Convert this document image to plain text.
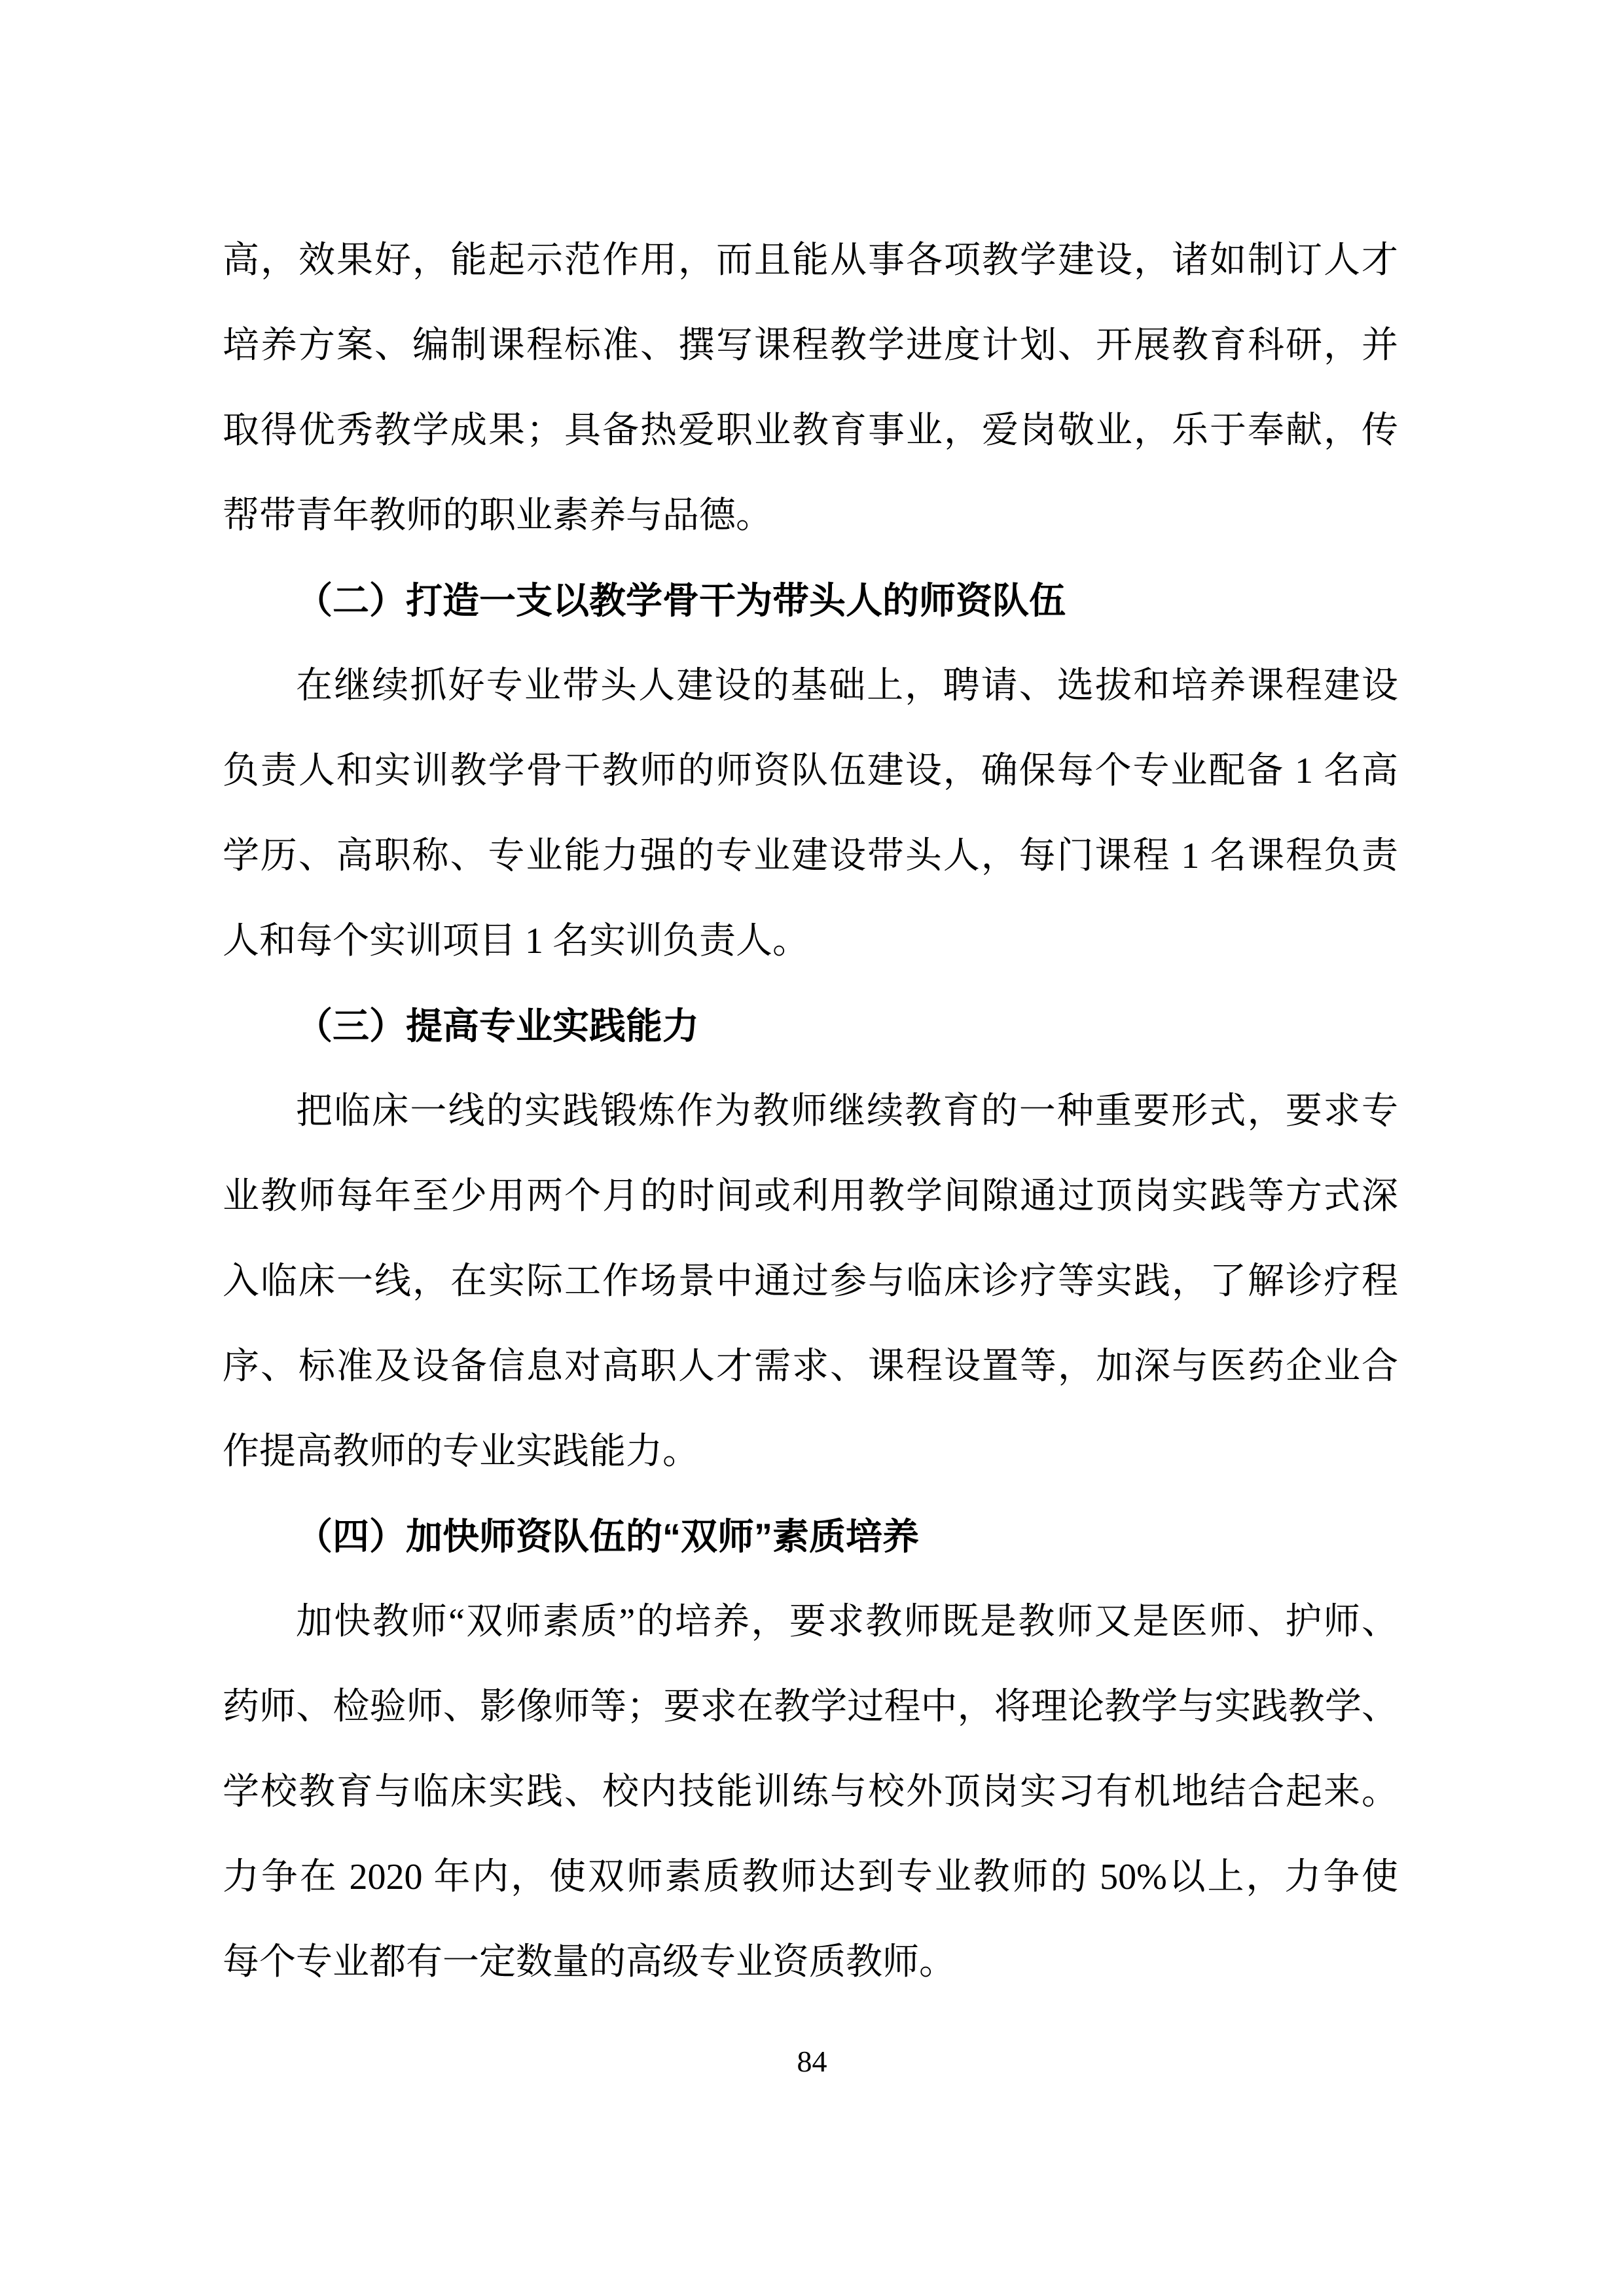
高，效果好，能起示范作用，而且能从事各项教学建设，诸如制订人才
培养方案、编制课程标准、撰写课程教学进度计划、开展教育科研，并
取得优秀教学成果；具备热爱职业教育事业，爱岗敬业，乐于奉献，传
帮带青年教师的职业素养与品德。
（二）打造一支以教学骨干为带头人的师资队伍
在继续抓好专业带头人建设的基础上，聘请、选拔和培养课程建设
负责人和实训教学骨干教师的师资队伍建设，确保每个专业配备 1 名高
学历、高职称、专业能力强的专业建设带头人，每门课程 1 名课程负责
人和每个实训项目 1 名实训负责人。
（三）提高专业实践能力
把临床一线的实践锻炼作为教师继续教育的一种重要形式，要求专
业教师每年至少用两个月的时间或利用教学间隙通过顶岗实践等方式深
入临床一线，在实际工作场景中通过参与临床诊疗等实践，了解诊疗程
序、标准及设备信息对高职人才需求、课程设置等，加深与医药企业合
作提高教师的专业实践能力。
（四）加快师资队伍的“双师”素质培养
加快教师“双师素质”的培养，要求教师既是教师又是医师、护师、
药师、检验师、影像师等；要求在教学过程中，将理论教学与实践教学、
学校教育与临床实践、校内技能训练与校外顶岗实习有机地结合起来。
力争在 2020 年内，使双师素质教师达到专业教师的 50%以上，力争使
每个专业都有一定数量的高级专业资质教师。
84
